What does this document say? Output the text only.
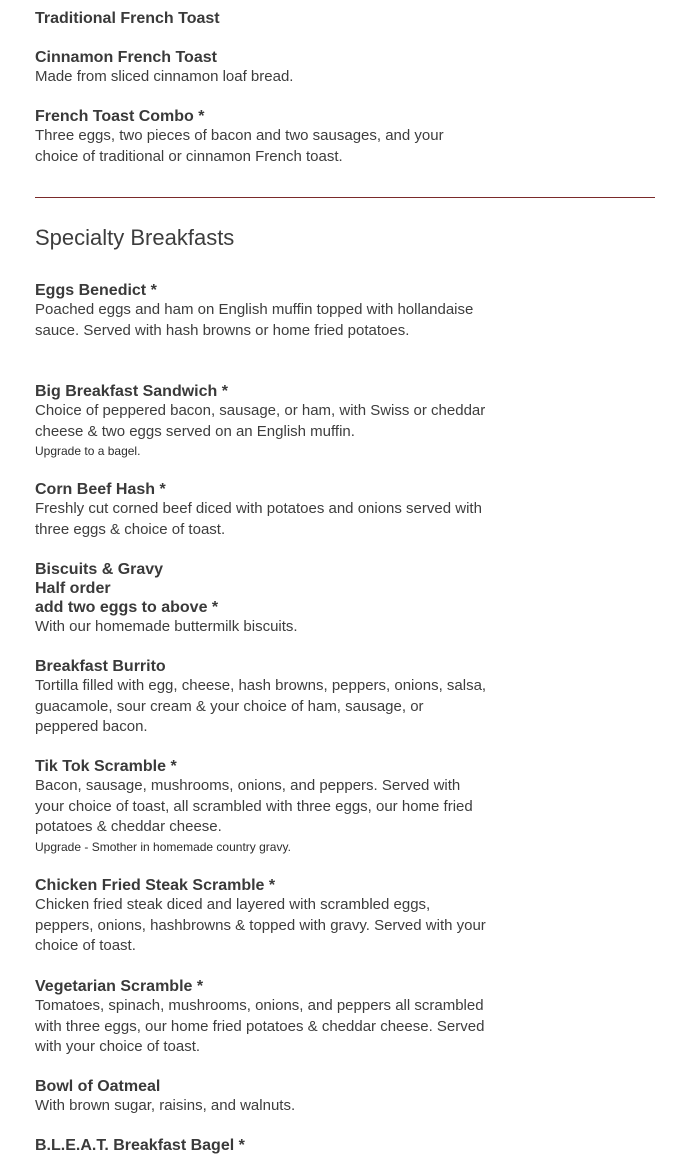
Traditional French Toast
Cinnamon French Toast
Made from sliced cinnamon loaf bread.
French Toast Combo *
Three eggs, two pieces of bacon and two sausages, and your choice of traditional or cinnamon French toast.
Specialty Breakfasts
Eggs Benedict *
Poached eggs and ham on English muffin topped with hollandaise sauce. Served with hash browns or home fried potatoes.
Big Breakfast Sandwich *
Choice of peppered bacon, sausage, or ham, with Swiss or cheddar cheese & two eggs served on an English muffin.
Upgrade to a bagel.
Corn Beef Hash *
Freshly cut corned beef diced with potatoes and onions served with three eggs & choice of toast.
Biscuits & Gravy
Half order
add two eggs to above *
With our homemade buttermilk biscuits.
Breakfast Burrito
Tortilla filled with egg, cheese, hash browns, peppers, onions, salsa, guacamole, sour cream & your choice of ham, sausage, or peppered bacon.
Tik Tok Scramble *
Bacon, sausage, mushrooms, onions, and peppers. Served with your choice of toast, all scrambled with three eggs, our home fried potatoes & cheddar cheese.
Upgrade - Smother in homemade country gravy.
Chicken Fried Steak Scramble *
Chicken fried steak diced and layered with scrambled eggs, peppers, onions, hashbrowns & topped with gravy. Served with your choice of toast.
Vegetarian Scramble *
Tomatoes, spinach, mushrooms, onions, and peppers all scrambled with three eggs, our home fried potatoes & cheddar cheese. Served with your choice of toast.
Bowl of Oatmeal
With brown sugar, raisins, and walnuts.
B.L.E.A.T. Breakfast Bagel *
